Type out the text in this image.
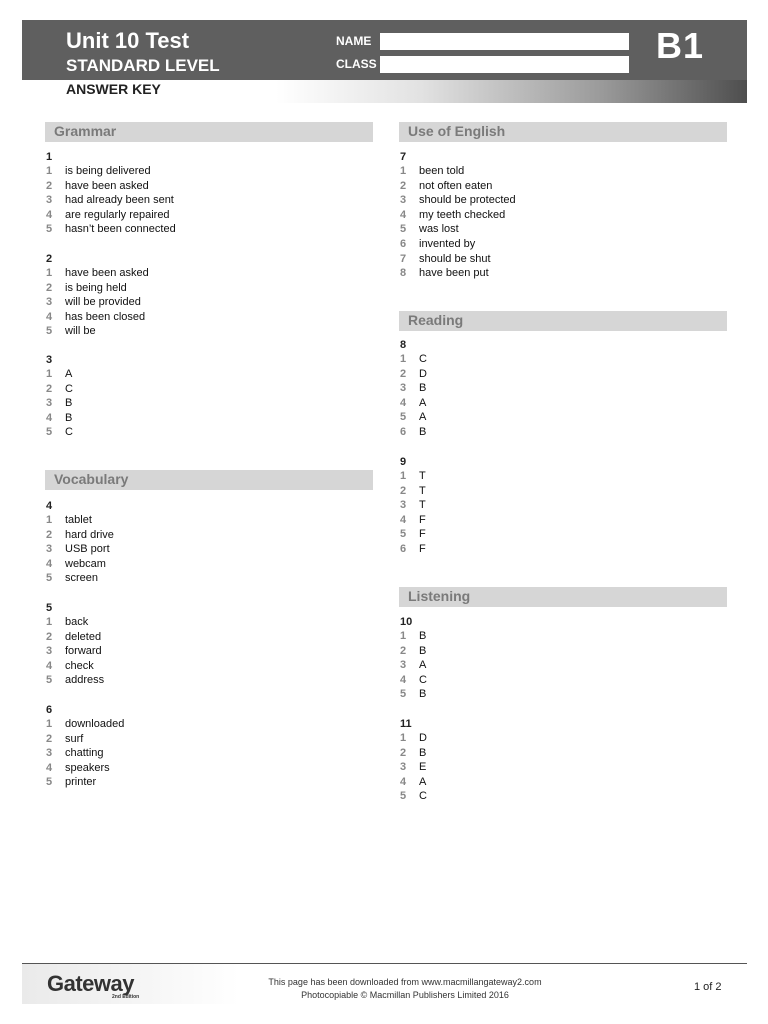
Unit 10 Test
STANDARD LEVEL
ANSWER KEY
NAME
CLASS	B1
Grammar
1
1 is being delivered
2 have been asked
3 had already been sent
4 are regularly repaired
5 hasn’t been connected
2
1 have been asked
2 is being held
3 will be provided
4 has been closed
5 will be
3
1 A
2 C
3 B
4 B
5 C
Vocabulary
4
1 tablet
2 hard drive
3 USB port
4 webcam
5 screen
5
1 back
2 deleted
3 forward
4 check
5 address
6
1 downloaded
2 surf
3 chatting
4 speakers
5 printer
Use of English
7
1 been told
2 not often eaten
3 should be protected
4 my teeth checked
5 was lost
6 invented by
7 should be shut
8 have been put
Reading
8
1 C
2 D
3 B
4 A
5 A
6 B
9
1 T
2 T
3 T
4 F
5 F
6 F
Listening
10
1 B
2 B
3 A
4 C
5 B
11
1 D
2 B
3 E
4 A
5 C
Gateway
2nd Edition
This page has been downloaded from www.macmillangateway2.com
Photocopiable © Macmillan Publishers Limited 2016
1 of 2
